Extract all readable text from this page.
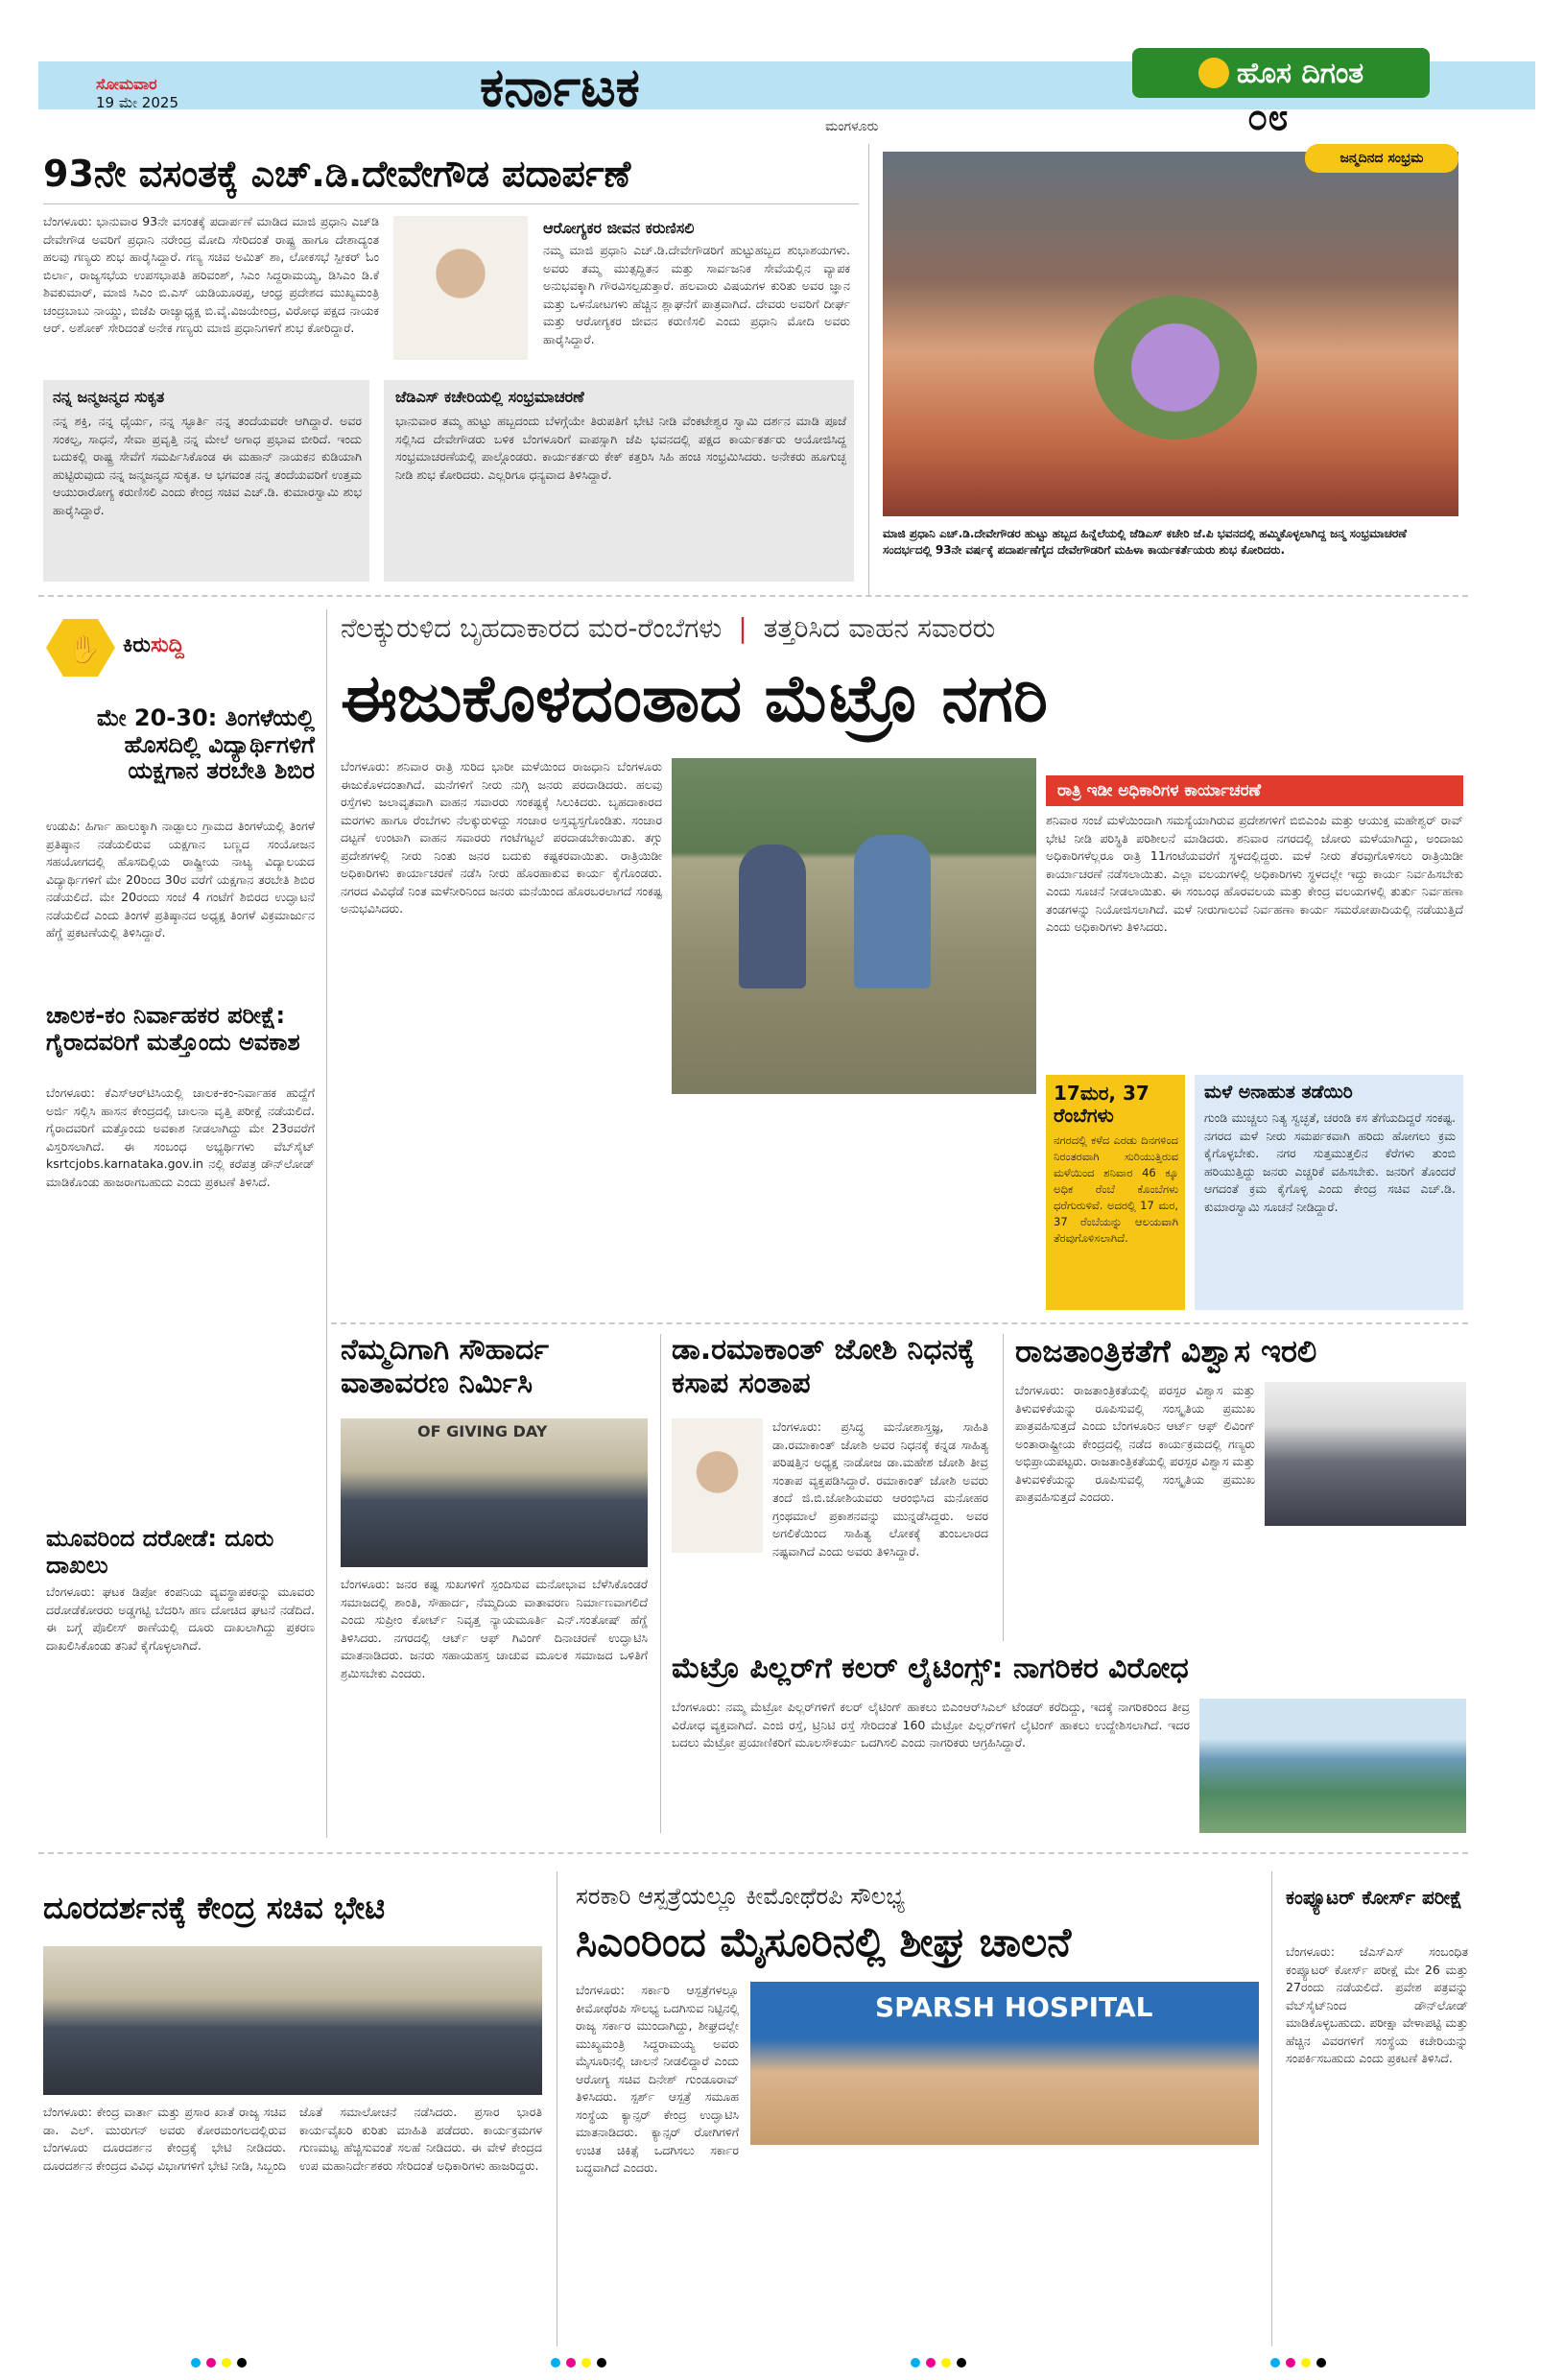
ಸೋಮವಾರ
19 ಮೇ 2025	ಕರ್ನಾಟಕ
ಮಂಗಳೂರು
ಹೊಸ ದಿಗಂತ
೦೮
93ನೇ ವಸಂತಕ್ಕೆ ಎಚ್.ಡಿ.ದೇವೇಗೌಡ ಪದಾರ್ಪಣೆ
ಬೆಂಗಳೂರು: ಭಾನುವಾರ 93ನೇ ವಸಂತಕ್ಕೆ ಪದಾರ್ಪಣೆ ಮಾಡಿದ ಮಾಜಿ ಪ್ರಧಾನಿ ಎಚ್‌ಡಿ ದೇವೇಗೌಡ ಅವರಿಗೆ ಪ್ರಧಾನಿ ನರೇಂದ್ರ ಮೋದಿ ಸೇರಿದಂತೆ ರಾಷ್ಟ್ರ ಹಾಗೂ ದೇಶಾದ್ಯಂತ ಹಲವು ಗಣ್ಯರು ಶುಭ ಹಾರೈಸಿದ್ದಾರೆ. ಗಣ್ಯ ಸಚಿವ ಅಮಿತ್ ಶಾ, ಲೋಕಸಭೆ ಸ್ಪೀಕರ್ ಓಂ ಬಿರ್ಲಾ, ರಾಜ್ಯಸಭೆಯ ಉಪಸಭಾಪತಿ ಹರಿವಂಶ್, ಸಿಎಂ ಸಿದ್ದರಾಮಯ್ಯ, ಡಿಸಿಎಂ ಡಿ.ಕೆ ಶಿವಕುಮಾರ್, ಮಾಜಿ ಸಿಎಂ ಬಿ.ಎಸ್ ಯಡಿಯೂರಪ್ಪ, ಆಂಧ್ರ ಪ್ರದೇಶದ ಮುಖ್ಯಮಂತ್ರಿ ಚಂದ್ರಬಾಬು ನಾಯ್ಡು, ಬಿಜೆಪಿ ರಾಜ್ಯಾಧ್ಯಕ್ಷ ಬಿ.ವೈ.ವಿಜಯೇಂದ್ರ, ವಿರೋಧ ಪಕ್ಷದ ನಾಯಕ ಆರ್. ಅಶೋಕ್ ಸೇರಿದಂತೆ ಅನೇಕ ಗಣ್ಯರು ಮಾಜಿ ಪ್ರಧಾನಿಗಳಿಗೆ ಶುಭ ಕೋರಿದ್ದಾರೆ.
ಆರೋಗ್ಯಕರ ಜೀವನ ಕರುಣಿಸಲಿ
ನಮ್ಮ ಮಾಜಿ ಪ್ರಧಾನಿ ಎಚ್.ಡಿ.ದೇವೇಗೌಡರಿಗೆ ಹುಟ್ಟುಹಬ್ಬದ ಶುಭಾಶಯಗಳು. ಅವರು ತಮ್ಮ ಮುತ್ಸದ್ದಿತನ ಮತ್ತು ಸಾರ್ವಜನಿಕ ಸೇವೆಯಲ್ಲಿನ ವ್ಯಾಪಕ ಅನುಭವಕ್ಕಾಗಿ ಗೌರವಿಸಲ್ಪಡುತ್ತಾರೆ. ಹಲವಾರು ವಿಷಯಗಳ ಕುರಿತು ಅವರ ಜ್ಞಾನ ಮತ್ತು ಒಳನೋಟಗಳು ಹೆಚ್ಚಿನ ಶ್ಲಾಘನೆಗೆ ಪಾತ್ರವಾಗಿದೆ. ದೇವರು ಅವರಿಗೆ ದೀರ್ಘ ಮತ್ತು ಆರೋಗ್ಯಕರ ಜೀವನ ಕರುಣಿಸಲಿ ಎಂದು ಪ್ರಧಾನಿ ಮೋದಿ ಅವರು ಹಾರೈಸಿದ್ದಾರೆ.
ನನ್ನ ಜನ್ಮಜನ್ಮದ ಸುಕೃತ
ನನ್ನ ಶಕ್ತಿ, ನನ್ನ ಧೈರ್ಯ, ನನ್ನ ಸ್ಫೂರ್ತಿ ನನ್ನ ತಂದೆಯವರೇ ಆಗಿದ್ದಾರೆ. ಅವರ ಸಂಕಲ್ಪ, ಸಾಧನೆ, ಸೇವಾ ಪ್ರವೃತ್ತಿ ನನ್ನ ಮೇಲೆ ಅಗಾಧ ಪ್ರಭಾವ ಬೀರಿದೆ. ಇಂದು ಬದುಕಲ್ಲಿ ರಾಷ್ಟ್ರ ಸೇವೆಗೆ ಸಮರ್ಪಿಸಿಕೊಂಡ ಈ ಮಹಾನ್ ನಾಯಕನ ಕುಡಿಯಾಗಿ ಹುಟ್ಟಿರುವುದು ನನ್ನ ಜನ್ಮಜನ್ಮದ ಸುಕೃತ. ಆ ಭಗವಂತ ನನ್ನ ತಂದೆಯವರಿಗೆ ಉತ್ತಮ ಆಯುರಾರೋಗ್ಯ ಕರುಣಿಸಲಿ ಎಂದು ಕೇಂದ್ರ ಸಚಿವ ಎಚ್.ಡಿ. ಕುಮಾರಸ್ವಾಮಿ ಶುಭ ಹಾರೈಸಿದ್ದಾರೆ.
ಜೆಡಿಎಸ್ ಕಚೇರಿಯಲ್ಲಿ ಸಂಭ್ರಮಾಚರಣೆ
ಭಾನುವಾರ ತಮ್ಮ ಹುಟ್ಟು ಹಬ್ಬದಂದು ಬೆಳಗ್ಗೆಯೇ ತಿರುಪತಿಗೆ ಭೇಟಿ ನೀಡಿ ವೆಂಕಟೇಶ್ವರ ಸ್ವಾಮಿ ದರ್ಶನ ಮಾಡಿ ಪೂಜೆ ಸಲ್ಲಿಸಿದ ದೇವೇಗೌಡರು ಬಳಿಕ ಬೆಂಗಳೂರಿಗೆ ವಾಪಸ್ಸಾಗಿ ಜೆಪಿ ಭವನದಲ್ಲಿ ಪಕ್ಷದ ಕಾರ್ಯಕರ್ತರು ಆಯೋಜಿಸಿದ್ದ ಸಂಭ್ರಮಾಚರಣೆಯಲ್ಲಿ ಪಾಲ್ಗೊಂಡರು. ಕಾರ್ಯಕರ್ತರು ಕೇಕ್ ಕತ್ತರಿಸಿ ಸಿಹಿ ಹಂಚಿ ಸಂಭ್ರಮಿಸಿದರು. ಅನೇಕರು ಹೂಗುಚ್ಛ ನೀಡಿ ಶುಭ ಕೋರಿದರು. ಎಲ್ಲರಿಗೂ ಧನ್ಯವಾದ ತಿಳಿಸಿದ್ದಾರೆ.
ಜನ್ಮದಿನದ ಸಂಭ್ರಮ
ಮಾಜಿ ಪ್ರಧಾನಿ ಎಚ್.ಡಿ.ದೇವೇಗೌಡರ ಹುಟ್ಟು ಹಬ್ಬದ ಹಿನ್ನೆಲೆಯಲ್ಲಿ ಜೆಡಿಎಸ್ ಕಚೇರಿ ಜೆ.ಪಿ ಭವನದಲ್ಲಿ ಹಮ್ಮಿಕೊಳ್ಳಲಾಗಿದ್ದ ಜನ್ಮ ಸಂಭ್ರಮಾಚರಣೆ ಸಂದರ್ಭದಲ್ಲಿ 93ನೇ ವರ್ಷಕ್ಕೆ ಪದಾರ್ಪಣೆಗೈದ ದೇವೇಗೌಡರಿಗೆ ಮಹಿಳಾ ಕಾರ್ಯಕರ್ತೆಯರು ಶುಭ ಕೋರಿದರು.
✋ ಕಿರುಸುದ್ದಿ
ಮೇ 20-30: ತಿಂಗಳೆಯಲ್ಲಿ ಹೊಸದಿಲ್ಲಿ ವಿದ್ಯಾರ್ಥಿಗಳಿಗೆ ಯಕ್ಷಗಾನ ತರಬೇತಿ ಶಿಬಿರ
ಉಡುಪಿ: ಹಿರ್ಗಾ ಹಾಲುಕ್ಕಾಗಿ ನಾಡ್ಪಾಲು ಗ್ರಾಮದ ತಿಂಗಳೆಯಲ್ಲಿ ತಿಂಗಳೆ ಪ್ರತಿಷ್ಠಾನ ನಡೆಯಲಿರುವ ಯಕ್ಷಗಾನ ಬಣ್ಣದ ಸಂಯೋಜನ ಸಹಯೋಗದಲ್ಲಿ ಹೊಸದಿಲ್ಲಿಯ ರಾಷ್ಟ್ರೀಯ ನಾಟ್ಯ ವಿದ್ಯಾಲಯದ ವಿದ್ಯಾರ್ಥಿಗಳಿಗೆ ಮೇ 20ರಿಂದ 30ರ ವರೆಗೆ ಯಕ್ಷಗಾನ ತರಬೇತಿ ಶಿಬಿರ ನಡೆಯಲಿದೆ. ಮೇ 20ರಂದು ಸಂಜೆ 4 ಗಂಟೆಗೆ ಶಿಬಿರದ ಉದ್ಘಾಟನೆ ನಡೆಯಲಿದೆ ಎಂದು ತಿಂಗಳೆ ಪ್ರತಿಷ್ಠಾನದ ಅಧ್ಯಕ್ಷ ತಿಂಗಳೆ ವಿಕ್ರಮಾರ್ಜುನ ಹೆಗ್ಡೆ ಪ್ರಕಟಣೆಯಲ್ಲಿ ತಿಳಿಸಿದ್ದಾರೆ.
ಚಾಲಕ-ಕಂ ನಿರ್ವಾಹಕರ ಪರೀಕ್ಷೆ: ಗೈರಾದವರಿಗೆ ಮತ್ತೊಂದು ಅವಕಾಶ
ಬೆಂಗಳೂರು: ಕೆಎಸ್‌ಆರ್‌ಟಿಸಿಯಲ್ಲಿ ಚಾಲಕ-ಕಂ-ನಿರ್ವಾಹಕ ಹುದ್ದೆಗೆ ಅರ್ಜಿ ಸಲ್ಲಿಸಿ ಹಾಸನ ಕೇಂದ್ರದಲ್ಲಿ ಚಾಲನಾ ವೃತ್ತಿ ಪರೀಕ್ಷೆ ನಡೆಯಲಿದೆ. ಗೈರಾದವರಿಗೆ ಮತ್ತೊಂದು ಅವಕಾಶ ನೀಡಲಾಗಿದ್ದು ಮೇ 23ರವರೆಗೆ ವಿಸ್ತರಿಸಲಾಗಿದೆ. ಈ ಸಂಬಂಧ ಅಭ್ಯರ್ಥಿಗಳು ವೆಬ್‌ಸೈಟ್ ksrtcjobs.karnataka.gov.in ನಲ್ಲಿ ಕರೆಪತ್ರ ಡೌನ್‌ಲೋಡ್ ಮಾಡಿಕೊಂಡು ಹಾಜರಾಗಬಹುದು ಎಂದು ಪ್ರಕಟಣೆ ತಿಳಿಸಿದೆ.
ಮೂವರಿಂದ ದರೋಡೆ: ದೂರು ದಾಖಲು
ಬೆಂಗಳೂರು: ಘಟಕ ಡಿಪೋ ಕಂಪನಿಯ ವ್ಯವಸ್ಥಾಪಕರನ್ನು ಮೂವರು ದರೋಡೆಕೋರರು ಅಡ್ಡಗಟ್ಟಿ ಬೆದರಿಸಿ ಹಣ ದೋಚಿದ ಘಟನೆ ನಡೆದಿದೆ. ಈ ಬಗ್ಗೆ ಪೊಲೀಸ್ ಠಾಣೆಯಲ್ಲಿ ದೂರು ದಾಖಲಾಗಿದ್ದು ಪ್ರಕರಣ ದಾಖಲಿಸಿಕೊಂಡು ತನಿಖೆ ಕೈಗೊಳ್ಳಲಾಗಿದೆ.
ನೆಲಕ್ಕುರುಳಿದ ಬೃಹದಾಕಾರದ ಮರ-ರೆಂಬೆಗಳು | ತತ್ತರಿಸಿದ ವಾಹನ ಸವಾರರು
ಈಜುಕೊಳದಂತಾದ ಮೆಟ್ರೊ ನಗರಿ
ಬೆಂಗಳೂರು: ಶನಿವಾರ ರಾತ್ರಿ ಸುರಿದ ಭಾರೀ ಮಳೆಯಿಂದ ರಾಜಧಾನಿ ಬೆಂಗಳೂರು ಈಜುಕೊಳದಂತಾಗಿದೆ. ಮನೆಗಳಿಗೆ ನೀರು ನುಗ್ಗಿ ಜನರು ಪರದಾಡಿದರು. ಹಲವು ರಸ್ತೆಗಳು ಜಲಾವೃತವಾಗಿ ವಾಹನ ಸವಾರರು ಸಂಕಷ್ಟಕ್ಕೆ ಸಿಲುಕಿದರು. ಬೃಹದಾಕಾರದ ಮರಗಳು ಹಾಗೂ ರೆಂಬೆಗಳು ನೆಲಕ್ಕುರುಳಿದ್ದು ಸಂಚಾರ ಅಸ್ತವ್ಯಸ್ತಗೊಂಡಿತು. ಸಂಚಾರ ದಟ್ಟಣೆ ಉಂಟಾಗಿ ವಾಹನ ಸವಾರರು ಗಂಟೆಗಟ್ಟಲೆ ಪರದಾಡಬೇಕಾಯಿತು. ತಗ್ಗು ಪ್ರದೇಶಗಳಲ್ಲಿ ನೀರು ನಿಂತು ಜನರ ಬದುಕು ಕಷ್ಟಕರವಾಯಿತು. ರಾತ್ರಿಯಿಡೀ ಅಧಿಕಾರಿಗಳು ಕಾರ್ಯಾಚರಣೆ ನಡೆಸಿ ನೀರು ಹೊರಹಾಕುವ ಕಾರ್ಯ ಕೈಗೊಂಡರು. ನಗರದ ವಿವಿಧೆಡೆ ನಿಂತ ಮಳೆನೀರಿನಿಂದ ಜನರು ಮನೆಯಿಂದ ಹೊರಬರಲಾಗದೆ ಸಂಕಷ್ಟ ಅನುಭವಿಸಿದರು.
ರಾತ್ರಿ ಇಡೀ ಅಧಿಕಾರಿಗಳ ಕಾರ್ಯಾಚರಣೆ
ಶನಿವಾರ ಸಂಜೆ ಮಳೆಯಿಂದಾಗಿ ಸಮಸ್ಯೆಯಾಗಿರುವ ಪ್ರದೇಶಗಳಿಗೆ ಬಿಬಿಎಂಪಿ ಮತ್ತು ಆಯುಕ್ತ ಮಹೇಶ್ವರ್ ರಾವ್ ಭೇಟಿ ನೀಡಿ ಪರಿಸ್ಥಿತಿ ಪರಿಶೀಲನೆ ಮಾಡಿದರು. ಶನಿವಾರ ನಗರದಲ್ಲಿ ಜೋರು ಮಳೆಯಾಗಿದ್ದು, ಅಂದಾಜು ಅಧಿಕಾರಿಗಳೆಲ್ಲರೂ ರಾತ್ರಿ 11ಗಂಟೆಯವರೆಗೆ ಸ್ಥಳದಲ್ಲಿದ್ದರು. ಮಳೆ ನೀರು ತೆರವುಗೊಳಿಸಲು ರಾತ್ರಿಯಿಡೀ ಕಾರ್ಯಾಚರಣೆ ನಡೆಸಲಾಯಿತು. ಎಲ್ಲಾ ವಲಯಗಳಲ್ಲಿ ಅಧಿಕಾರಿಗಳು ಸ್ಥಳದಲ್ಲೇ ಇದ್ದು ಕಾರ್ಯ ನಿರ್ವಹಿಸಬೇಕು ಎಂದು ಸೂಚನೆ ನೀಡಲಾಯಿತು. ಈ ಸಂಬಂಧ ಹೊರವಲಯ ಮತ್ತು ಕೇಂದ್ರ ವಲಯಗಳಲ್ಲಿ ತುರ್ತು ನಿರ್ವಹಣಾ ತಂಡಗಳನ್ನು ನಿಯೋಜಿಸಲಾಗಿದೆ. ಮಳೆ ನೀರುಗಾಲುವೆ ನಿರ್ವಹಣಾ ಕಾರ್ಯ ಸಮರೋಪಾದಿಯಲ್ಲಿ ನಡೆಯುತ್ತಿದೆ ಎಂದು ಅಧಿಕಾರಿಗಳು ತಿಳಿಸಿದರು.
17ಮರ, 37 ರೆಂಬೆಗಳು
ನಗರದಲ್ಲಿ ಕಳೆದ ಎರಡು ದಿನಗಳಿಂದ ನಿರಂತರವಾಗಿ ಸುರಿಯುತ್ತಿರುವ ಮಳೆಯಿಂದ ಶನಿವಾರ 46 ಕ್ಕೂ ಅಧಿಕ ರೆಂಬೆ ಕೊಂಬೆಗಳು ಧರೆಗುರುಳಿವೆ. ಅದರಲ್ಲಿ 17 ಮರ, 37 ರೆಂಬೆಯನ್ನು ಆಲಯವಾಗಿ ತೆರವುಗೊಳಿಸಲಾಗಿದೆ.
ಮಳೆ ಅನಾಹುತ ತಡೆಯಿರಿ
ಗುಂಡಿ ಮುಚ್ಚಲು ನಿತ್ಯ ಸ್ವಚ್ಛತೆ, ಚರಂಡಿ ಕಸ ತೆಗೆಯದಿದ್ದರೆ ಸಂಕಷ್ಟ. ನಗರದ ಮಳೆ ನೀರು ಸಮರ್ಪಕವಾಗಿ ಹರಿದು ಹೋಗಲು ಕ್ರಮ ಕೈಗೊಳ್ಳಬೇಕು. ನಗರ ಸುತ್ತಮುತ್ತಲಿನ ಕೆರೆಗಳು ತುಂಬಿ ಹರಿಯುತ್ತಿದ್ದು ಜನರು ಎಚ್ಚರಿಕೆ ವಹಿಸಬೇಕು. ಜನರಿಗೆ ತೊಂದರೆ ಆಗದಂತೆ ಕ್ರಮ ಕೈಗೊಳ್ಳಿ ಎಂದು ಕೇಂದ್ರ ಸಚಿವ ಎಚ್.ಡಿ. ಕುಮಾರಸ್ವಾಮಿ ಸೂಚನೆ ನೀಡಿದ್ದಾರೆ.
ನೆಮ್ಮದಿಗಾಗಿ ಸೌಹಾರ್ದ ವಾತಾವರಣ ನಿರ್ಮಿಸಿ
OF GIVING DAY
ಬೆಂಗಳೂರು: ಜನರ ಕಷ್ಟ ಸುಖಗಳಿಗೆ ಸ್ಪಂದಿಸುವ ಮನೋಭಾವ ಬೆಳೆಸಿಕೊಂಡರೆ ಸಮಾಜದಲ್ಲಿ ಶಾಂತಿ, ಸೌಹಾರ್ದ, ನೆಮ್ಮದಿಯ ವಾತಾವರಣ ನಿರ್ಮಾಣವಾಗಲಿದೆ ಎಂದು ಸುಪ್ರೀಂ ಕೋರ್ಟ್ ನಿವೃತ್ತ ನ್ಯಾಯಮೂರ್ತಿ ಎನ್.ಸಂತೋಷ್ ಹೆಗ್ಡೆ ತಿಳಿಸಿದರು. ನಗರದಲ್ಲಿ ಆರ್ಟ್ ಆಫ್ ಗಿವಿಂಗ್ ದಿನಾಚರಣೆ ಉದ್ಘಾಟಿಸಿ ಮಾತನಾಡಿದರು. ಜನರು ಸಹಾಯಹಸ್ತ ಚಾಚುವ ಮೂಲಕ ಸಮಾಜದ ಒಳಿತಿಗೆ ಶ್ರಮಿಸಬೇಕು ಎಂದರು.
ಡಾ.ರಮಾಕಾಂತ್ ಜೋಶಿ ನಿಧನಕ್ಕೆ ಕಸಾಪ ಸಂತಾಪ
ಬೆಂಗಳೂರು: ಪ್ರಸಿದ್ಧ ಮನೋಶಾಸ್ತ್ರಜ್ಞ, ಸಾಹಿತಿ ಡಾ.ರಮಾಕಾಂತ್ ಜೋಶಿ ಅವರ ನಿಧನಕ್ಕೆ ಕನ್ನಡ ಸಾಹಿತ್ಯ ಪರಿಷತ್ತಿನ ಅಧ್ಯಕ್ಷ ನಾಡೋಜ ಡಾ.ಮಹೇಶ ಜೋಶಿ ತೀವ್ರ ಸಂತಾಪ ವ್ಯಕ್ತಪಡಿಸಿದ್ದಾರೆ. ರಮಾಕಾಂತ್ ಜೋಶಿ ಅವರು ತಂದೆ ಜಿ.ಬಿ.ಜೋಶಿಯವರು ಆರಂಭಿಸಿದ ಮನೋಹರ ಗ್ರಂಥಮಾಲೆ ಪ್ರಕಾಶನವನ್ನು ಮುನ್ನಡೆಸಿದ್ದರು. ಅವರ ಅಗಲಿಕೆಯಿಂದ ಸಾಹಿತ್ಯ ಲೋಕಕ್ಕೆ ತುಂಬಲಾರದ ನಷ್ಟವಾಗಿದೆ ಎಂದು ಅವರು ತಿಳಿಸಿದ್ದಾರೆ.
ರಾಜತಾಂತ್ರಿಕತೆಗೆ ವಿಶ್ವಾಸ ಇರಲಿ
ಬೆಂಗಳೂರು: ರಾಜತಾಂತ್ರಿಕತೆಯಲ್ಲಿ ಪರಸ್ಪರ ವಿಶ್ವಾಸ ಮತ್ತು ತಿಳುವಳಿಕೆಯನ್ನು ರೂಪಿಸುವಲ್ಲಿ ಸಂಸ್ಕೃತಿಯ ಪ್ರಮುಖ ಪಾತ್ರವಹಿಸುತ್ತದೆ ಎಂದು ಬೆಂಗಳೂರಿನ ಆರ್ಟ್ ಆಫ್ ಲಿವಿಂಗ್ ಅಂತಾರಾಷ್ಟ್ರೀಯ ಕೇಂದ್ರದಲ್ಲಿ ನಡೆದ ಕಾರ್ಯಕ್ರಮದಲ್ಲಿ ಗಣ್ಯರು ಅಭಿಪ್ರಾಯಪಟ್ಟರು. ರಾಜತಾಂತ್ರಿಕತೆಯಲ್ಲಿ ಪರಸ್ಪರ ವಿಶ್ವಾಸ ಮತ್ತು ತಿಳುವಳಿಕೆಯನ್ನು ರೂಪಿಸುವಲ್ಲಿ ಸಂಸ್ಕೃತಿಯ ಪ್ರಮುಖ ಪಾತ್ರವಹಿಸುತ್ತದೆ ಎಂದರು.
ಮೆಟ್ರೊ ಪಿಲ್ಲರ್‌ಗೆ ಕಲರ್ ಲೈಟಿಂಗ್ಸ್: ನಾಗರಿಕರ ವಿರೋಧ
ಬೆಂಗಳೂರು: ನಮ್ಮ ಮೆಟ್ರೋ ಪಿಲ್ಲರ್‌ಗಳಿಗೆ ಕಲರ್ ಲೈಟಿಂಗ್ ಹಾಕಲು ಬಿಎಂಆರ್‌ಸಿಎಲ್ ಟೆಂಡರ್ ಕರೆದಿದ್ದು, ಇದಕ್ಕೆ ನಾಗರಿಕರಿಂದ ತೀವ್ರ ವಿರೋಧ ವ್ಯಕ್ತವಾಗಿದೆ. ಎಂಜಿ ರಸ್ತೆ, ಟ್ರಿನಿಟಿ ರಸ್ತೆ ಸೇರಿದಂತೆ 160 ಮೆಟ್ರೋ ಪಿಲ್ಲರ್‌ಗಳಿಗೆ ಲೈಟಿಂಗ್ ಹಾಕಲು ಉದ್ದೇಶಿಸಲಾಗಿದೆ. ಇದರ ಬದಲು ಮೆಟ್ರೋ ಪ್ರಯಾಣಿಕರಿಗೆ ಮೂಲಸೌಕರ್ಯ ಒದಗಿಸಲಿ ಎಂದು ನಾಗರಿಕರು ಆಗ್ರಹಿಸಿದ್ದಾರೆ.
ದೂರದರ್ಶನಕ್ಕೆ ಕೇಂದ್ರ ಸಚಿವ ಭೇಟಿ
ಬೆಂಗಳೂರು: ಕೇಂದ್ರ ವಾರ್ತಾ ಮತ್ತು ಪ್ರಸಾರ ಖಾತೆ ರಾಜ್ಯ ಸಚಿವ ಡಾ. ಎಲ್. ಮುರುಗನ್ ಅವರು ಕೋರಮಂಗಲದಲ್ಲಿರುವ ಬೆಂಗಳೂರು ದೂರದರ್ಶನ ಕೇಂದ್ರಕ್ಕೆ ಭೇಟಿ ನೀಡಿದರು. ದೂರದರ್ಶನ ಕೇಂದ್ರದ ವಿವಿಧ ವಿಭಾಗಗಳಿಗೆ ಭೇಟಿ ನೀಡಿ, ಸಿಬ್ಬಂದಿ ಜೊತೆ ಸಮಾಲೋಚನೆ ನಡೆಸಿದರು. ಪ್ರಸಾರ ಭಾರತಿ ಕಾರ್ಯವೈಖರಿ ಕುರಿತು ಮಾಹಿತಿ ಪಡೆದರು. ಕಾರ್ಯಕ್ರಮಗಳ ಗುಣಮಟ್ಟ ಹೆಚ್ಚಿಸುವಂತೆ ಸಲಹೆ ನೀಡಿದರು. ಈ ವೇಳೆ ಕೇಂದ್ರದ ಉಪ ಮಹಾನಿರ್ದೇಶಕರು ಸೇರಿದಂತೆ ಅಧಿಕಾರಿಗಳು ಹಾಜರಿದ್ದರು.
ಸರಕಾರಿ ಆಸ್ಪತ್ರೆಯಲ್ಲೂ ಕೀಮೋಥೆರಪಿ ಸೌಲಭ್ಯ
ಸಿಎಂರಿಂದ ಮೈಸೂರಿನಲ್ಲಿ ಶೀಘ್ರ ಚಾಲನೆ
ಬೆಂಗಳೂರು: ಸರ್ಕಾರಿ ಆಸ್ಪತ್ರೆಗಳಲ್ಲೂ ಕೀಮೋಥೆರಪಿ ಸೌಲಭ್ಯ ಒದಗಿಸುವ ನಿಟ್ಟಿನಲ್ಲಿ ರಾಜ್ಯ ಸರ್ಕಾರ ಮುಂದಾಗಿದ್ದು, ಶೀಘ್ರದಲ್ಲೇ ಮುಖ್ಯಮಂತ್ರಿ ಸಿದ್ದರಾಮಯ್ಯ ಅವರು ಮೈಸೂರಿನಲ್ಲಿ ಚಾಲನೆ ನೀಡಲಿದ್ದಾರೆ ಎಂದು ಆರೋಗ್ಯ ಸಚಿವ ದಿನೇಶ್ ಗುಂಡೂರಾವ್ ತಿಳಿಸಿದರು. ಸ್ಪರ್ಶ್ ಆಸ್ಪತ್ರೆ ಸಮೂಹ ಸಂಸ್ಥೆಯ ಕ್ಯಾನ್ಸರ್ ಕೇಂದ್ರ ಉದ್ಘಾಟಿಸಿ ಮಾತನಾಡಿದರು. ಕ್ಯಾನ್ಸರ್ ರೋಗಿಗಳಿಗೆ ಉಚಿತ ಚಿಕಿತ್ಸೆ ಒದಗಿಸಲು ಸರ್ಕಾರ ಬದ್ಧವಾಗಿದೆ ಎಂದರು.
SPARSH HOSPITAL
ಕಂಪ್ಯೂಟರ್ ಕೋರ್ಸ್ ಪರೀಕ್ಷೆ
ಬೆಂಗಳೂರು: ಜೆಎಸ್‌ಎಸ್ ಸಂಬಂಧಿತ ಕಂಪ್ಯೂಟರ್ ಕೋರ್ಸ್ ಪರೀಕ್ಷೆ ಮೇ 26 ಮತ್ತು 27ರಂದು ನಡೆಯಲಿದೆ. ಪ್ರವೇಶ ಪತ್ರವನ್ನು ವೆಬ್‌ಸೈಟ್‌ನಿಂದ ಡೌನ್‌ಲೋಡ್ ಮಾಡಿಕೊಳ್ಳಬಹುದು. ಪರೀಕ್ಷಾ ವೇಳಾಪಟ್ಟಿ ಮತ್ತು ಹೆಚ್ಚಿನ ವಿವರಗಳಿಗೆ ಸಂಸ್ಥೆಯ ಕಚೇರಿಯನ್ನು ಸಂಪರ್ಕಿಸಬಹುದು ಎಂದು ಪ್ರಕಟಣೆ ತಿಳಿಸಿದೆ.
